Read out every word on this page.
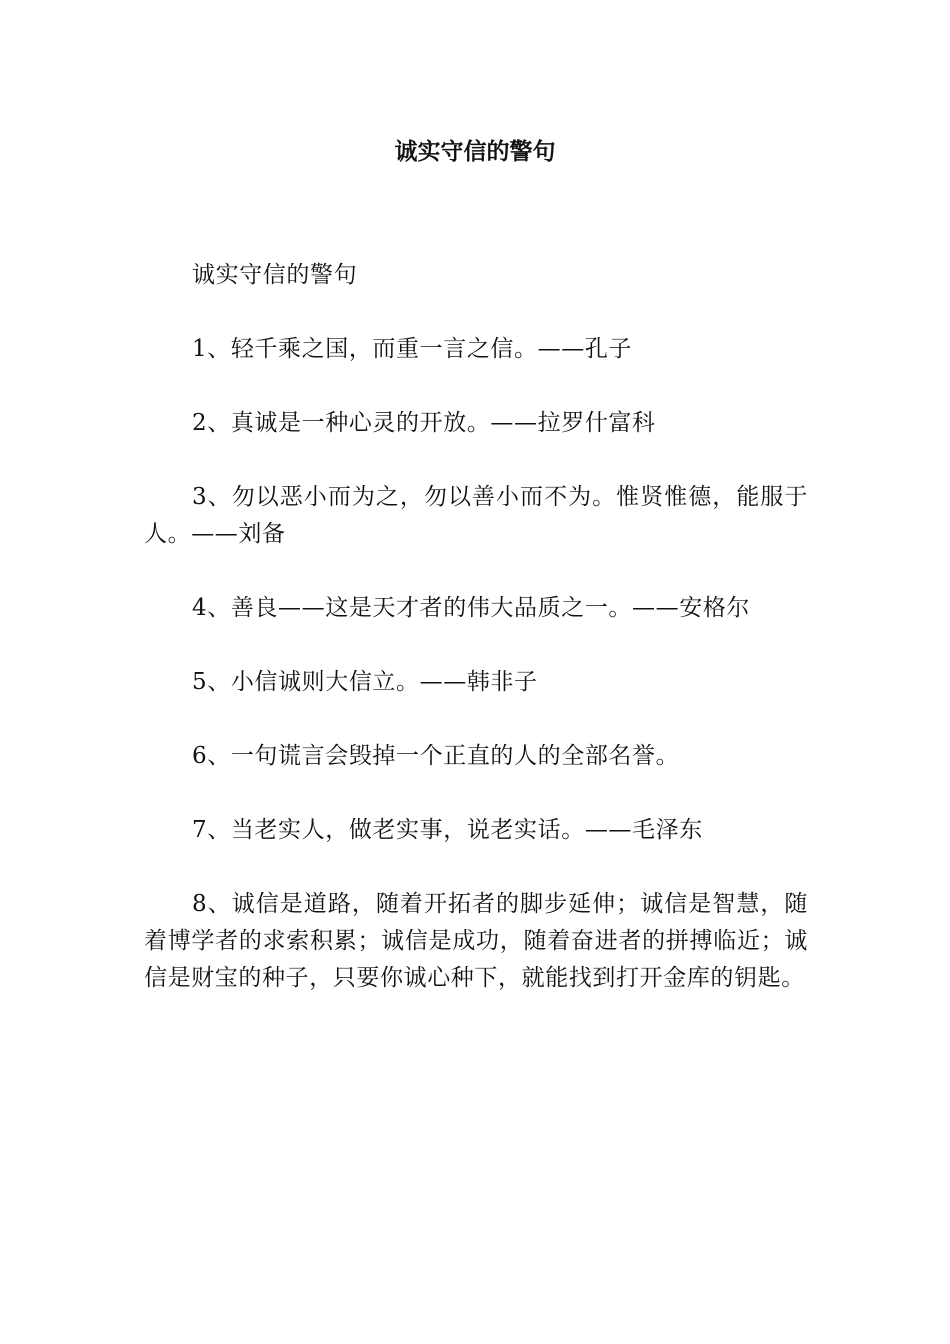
诚实守信的警句

诚实守信的警句

1、轻千乘之国，而重一言之信。——孔子

2、真诚是一种心灵的开放。——拉罗什富科

3、勿以恶小而为之，勿以善小而不为。惟贤惟德，能服于人。——刘备

4、善良——这是天才者的伟大品质之一。——安格尔

5、小信诚则大信立。——韩非子

6、一句谎言会毁掉一个正直的人的全部名誉。

7、当老实人，做老实事，说老实话。——毛泽东

8、诚信是道路，随着开拓者的脚步延伸；诚信是智慧，随着博学者的求索积累；诚信是成功，随着奋进者的拼搏临近；诚信是财宝的种子，只要你诚心种下，就能找到打开金库的钥匙。
